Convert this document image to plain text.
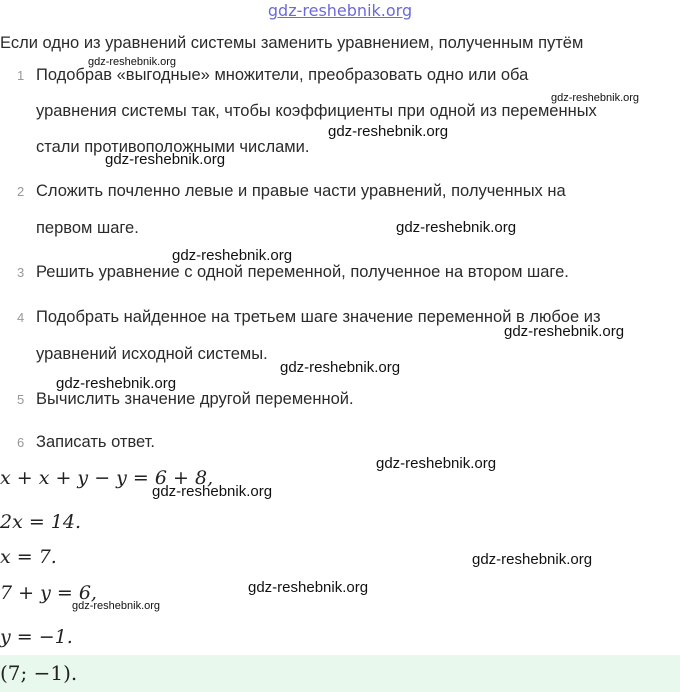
gdz-reshebnik.org
Если одно из уравнений системы заменить уравнением, полученным путём
1 Подобрав «выгодные» множители, преобразовать одно или оба
уравнения системы так, чтобы коэффициенты при одной из переменных
стали противоположными числами.
2 Сложить почленно левые и правые части уравнений, полученных на
первом шаге.
3 Решить уравнение с одной переменной, полученное на втором шаге.
4 Подобрать найденное на третьем шаге значение переменной в любое из
уравнений исходной системы.
5 Вычислить значение другой переменной.
6 Записать ответ.
x + x + y − y = 6 + 8,
2x = 14.
x = 7.
7 + y = 6,
y = −1.
(7; −1).
gdz-reshebnik.org
gdz-reshebnik.org
gdz-reshebnik.org
gdz-reshebnik.org
gdz-reshebnik.org
gdz-reshebnik.org
gdz-reshebnik.org
gdz-reshebnik.org
gdz-reshebnik.org
gdz-reshebnik.org
gdz-reshebnik.org
gdz-reshebnik.org
gdz-reshebnik.org
gdz-reshebnik.org
